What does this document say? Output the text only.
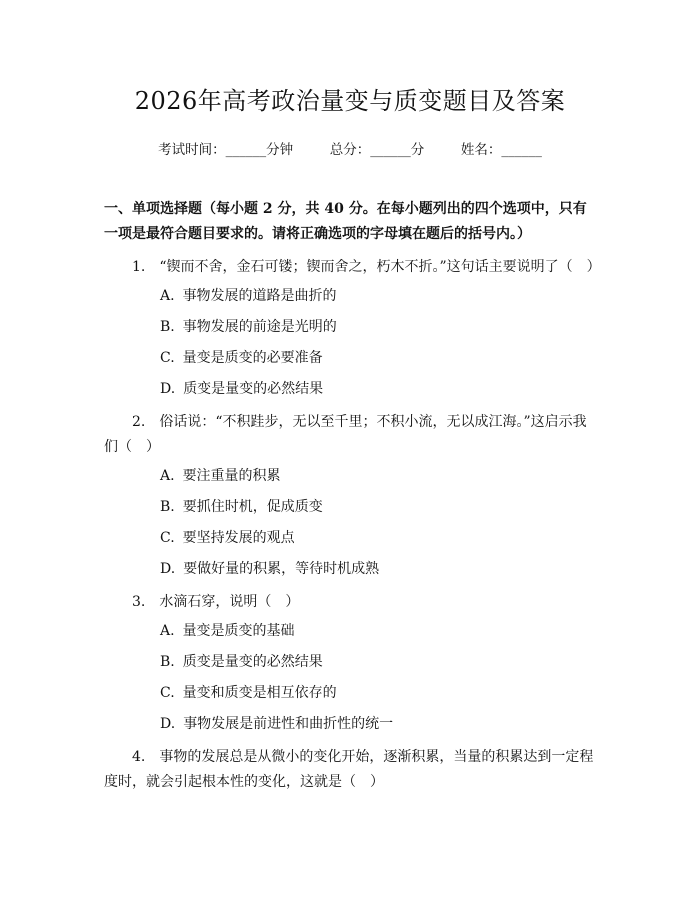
2026年高考政治量变与质变题目及答案
考试时间：______分钟	总分：______分	姓名：______
一、单项选择题（每小题 2 分，共 40 分。在每小题列出的四个选项中，只有一项是最符合题目要求的。请将正确选项的字母填在题后的括号内。）
1. “锲而不舍，金石可镂；锲而舍之，朽木不折。”这句话主要说明了（　）
A. 事物发展的道路是曲折的
B. 事物发展的前途是光明的
C. 量变是质变的必要准备
D. 质变是量变的必然结果
2. 俗话说：“不积跬步，无以至千里；不积小流，无以成江海。”这启示我们（　）
A. 要注重量的积累
B. 要抓住时机，促成质变
C. 要坚持发展的观点
D. 要做好量的积累，等待时机成熟
3. 水滴石穿，说明（　）
A. 量变是质变的基础
B. 质变是量变的必然结果
C. 量变和质变是相互依存的
D. 事物发展是前进性和曲折性的统一
4. 事物的发展总是从微小的变化开始，逐渐积累，当量的积累达到一定程度时，就会引起根本性的变化，这就是（　）
